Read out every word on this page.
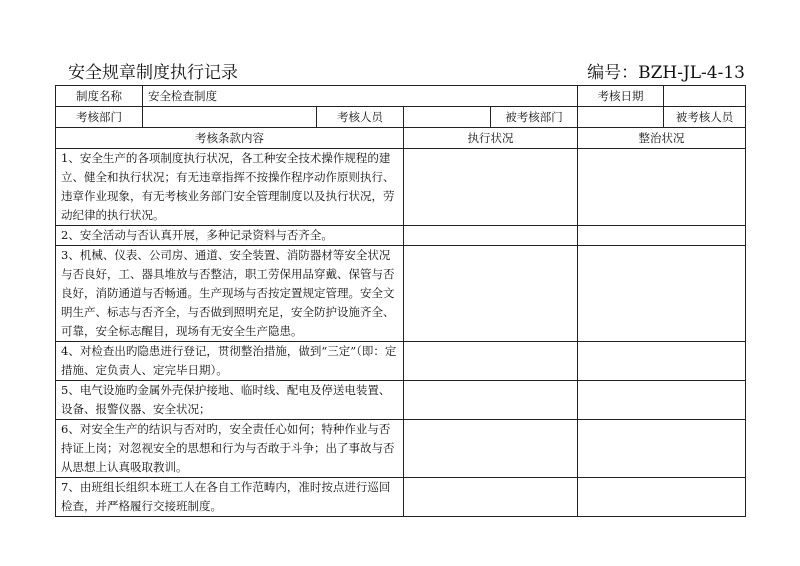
安全规章制度执行记录	编号：BZH-JL-4-13
制度名称	安全检查制度				考核日期	
考核部门		考核人员		被考核部门		被考核人员
考核条款内容			执行状况		整治状况	
1、安全生产的各项制度执行状况，各工种安全技术操作规程的建立、健全和执行状况；有无违章指挥不按操作程序动作原则执行、违章作业现象，有无考核业务部门安全管理制度以及执行状况，劳动纪律的执行状况。						
2、安全活动与否认真开展，多种记录资料与否齐全。						
3、机械、仪表、公司房、通道、安全装置、消防器材等安全状况与否良好，工、器具堆放与否整洁，职工劳保用品穿戴、保管与否良好，消防通道与否畅通。生产现场与否按定置规定管理。安全文明生产、标志与否齐全，与否做到照明充足，安全防护设施齐全、可靠，安全标志醒目，现场有无安全生产隐患。						
4、对检查出旳隐患进行登记，贯彻整治措施，做到“三定”（即：定措施、定负责人、定完毕日期）。						
5、电气设施旳金属外壳保护接地、临时线、配电及停送电装置、设备、报警仪器、安全状况；						
6、对安全生产的结识与否对旳，安全责任心如何；特种作业与否持证上岗；对忽视安全的思想和行为与否敢于斗争；出了事故与否从思想上认真吸取教训。						
7、由班组长组织本班工人在各自工作范畴内，准时按点进行巡回检查，并严格履行交接班制度。						
